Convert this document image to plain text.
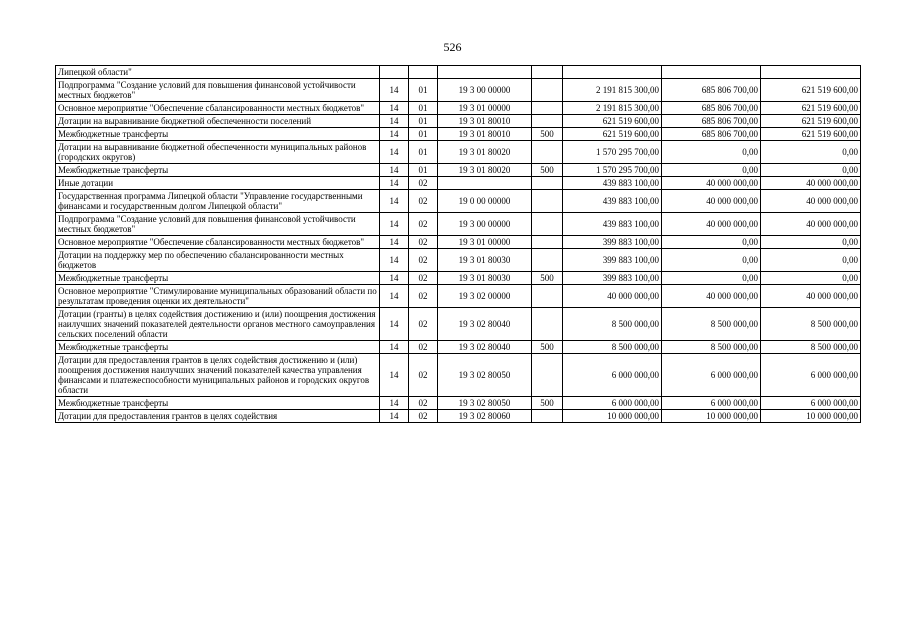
526
Липецкой области"							
Подпрограмма "Создание условий для повышения финансовой устойчивости местных бюджетов"	14	01	19 3 00 00000		2 191 815 300,00	685 806 700,00	621 519 600,00
Основное мероприятие "Обеспечение сбалансированности местных бюджетов"	14	01	19 3 01 00000		2 191 815 300,00	685 806 700,00	621 519 600,00
Дотации на выравнивание бюджетной обеспеченности поселений	14	01	19 3 01 80010		621 519 600,00	685 806 700,00	621 519 600,00
Межбюджетные трансферты	14	01	19 3 01 80010	500	621 519 600,00	685 806 700,00	621 519 600,00
Дотации на выравнивание бюджетной обеспеченности муниципальных районов (городских округов)	14	01	19 3 01 80020		1 570 295 700,00	0,00	0,00
Межбюджетные трансферты	14	01	19 3 01 80020	500	1 570 295 700,00	0,00	0,00
Иные дотации	14	02			439 883 100,00	40 000 000,00	40 000 000,00
Государственная программа Липецкой области "Управление государственными финансами и государственным долгом Липецкой области"	14	02	19 0 00 00000		439 883 100,00	40 000 000,00	40 000 000,00
Подпрограмма "Создание условий для повышения финансовой устойчивости местных бюджетов"	14	02	19 3 00 00000		439 883 100,00	40 000 000,00	40 000 000,00
Основное мероприятие "Обеспечение сбалансированности местных бюджетов"	14	02	19 3 01 00000		399 883 100,00	0,00	0,00
Дотации на поддержку мер по обеспечению сбалансированности местных бюджетов	14	02	19 3 01 80030		399 883 100,00	0,00	0,00
Межбюджетные трансферты	14	02	19 3 01 80030	500	399 883 100,00	0,00	0,00
Основное мероприятие "Стимулирование муниципальных образований области по результатам проведения оценки их деятельности"	14	02	19 3 02 00000		40 000 000,00	40 000 000,00	40 000 000,00
Дотации (гранты) в целях содействия достижению и (или) поощрения достижения наилучших значений показателей деятельности органов местного самоуправления сельских поселений области	14	02	19 3 02 80040		8 500 000,00	8 500 000,00	8 500 000,00
Межбюджетные трансферты	14	02	19 3 02 80040	500	8 500 000,00	8 500 000,00	8 500 000,00
Дотации для предоставления грантов в целях содействия достижению и (или) поощрения достижения наилучших значений показателей качества управления финансами и платежеспособности муниципальных районов и городских округов области	14	02	19 3 02 80050		6 000 000,00	6 000 000,00	6 000 000,00
Межбюджетные трансферты	14	02	19 3 02 80050	500	6 000 000,00	6 000 000,00	6 000 000,00
Дотации для предоставления грантов в целях содействия	14	02	19 3 02 80060		10 000 000,00	10 000 000,00	10 000 000,00
